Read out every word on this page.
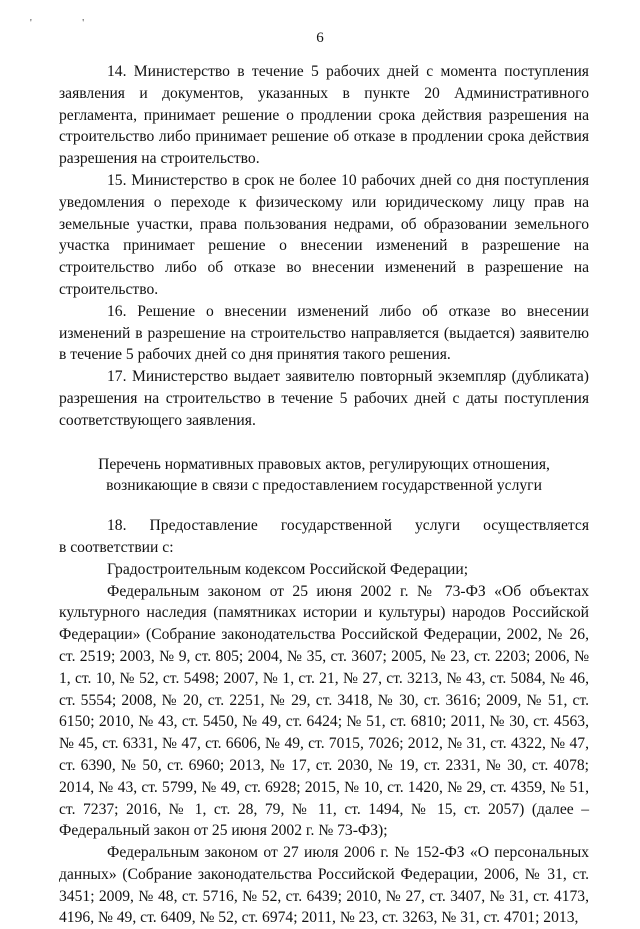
' '
6

14. Министерство в течение 5 рабочих дней с момента поступления заявления и документов, указанных в пункте 20 Административного регламента, принимает решение о продлении срока действия разрешения на строительство либо принимает решение об отказе в продлении срока действия разрешения на строительство.

15. Министерство в срок не более 10 рабочих дней со дня поступления уведомления о переходе к физическому или юридическому лицу прав на земельные участки, права пользования недрами, об образовании земельного участка принимает решение о внесении изменений в разрешение на строительство либо об отказе во внесении изменений в разрешение на строительство.

16. Решение о внесении изменений либо об отказе во внесении изменений в разрешение на строительство направляется (выдается) заявителю в течение 5 рабочих дней со дня принятия такого решения.

17. Министерство выдает заявителю повторный экземпляр (дубликата) разрешения на строительство в течение 5 рабочих дней с даты поступления соответствующего заявления.

Перечень нормативных правовых актов, регулирующих отношения, возникающие в связи с предоставлением государственной услуги

18. Предоставление государственной услуги осуществляется

в соответствии с:

Градостроительным кодексом Российской Федерации;

Федеральным законом от 25 июня 2002 г. № 73-ФЗ «Об объектах культурного наследия (памятниках истории и культуры) народов Российской Федерации» (Собрание законодательства Российской Федерации, 2002, № 26, ст. 2519; 2003, № 9, ст. 805; 2004, № 35, ст. 3607; 2005, № 23, ст. 2203; 2006, № 1, ст. 10, № 52, ст. 5498; 2007, № 1, ст. 21, № 27, ст. 3213, № 43, ст. 5084, № 46, ст. 5554; 2008, № 20, ст. 2251, № 29, ст. 3418, № 30, ст. 3616; 2009, № 51, ст. 6150; 2010, № 43, ст. 5450, № 49, ст. 6424; № 51, ст. 6810; 2011, № 30, ст. 4563, № 45, ст. 6331, № 47, ст. 6606, № 49, ст. 7015, 7026; 2012, № 31, ст. 4322, № 47, ст. 6390, № 50, ст. 6960; 2013, № 17, ст. 2030, № 19, ст. 2331, № 30, ст. 4078; 2014, № 43, ст. 5799, № 49, ст. 6928; 2015, № 10, ст. 1420, № 29, ст. 4359, № 51, ст. 7237; 2016, № 1, ст. 28, 79, № 11, ст. 1494, № 15, ст. 2057) (далее – Федеральный закон от 25 июня 2002 г. № 73-ФЗ);

Федеральным законом от 27 июля 2006 г. № 152-ФЗ «О персональных данных» (Собрание законодательства Российской Федерации, 2006, № 31, ст. 3451; 2009, № 48, ст. 5716, № 52, ст. 6439; 2010, № 27, ст. 3407, № 31, ст. 4173, 4196, № 49, ст. 6409, № 52, ст. 6974; 2011, № 23, ст. 3263, № 31, ст. 4701; 2013,
